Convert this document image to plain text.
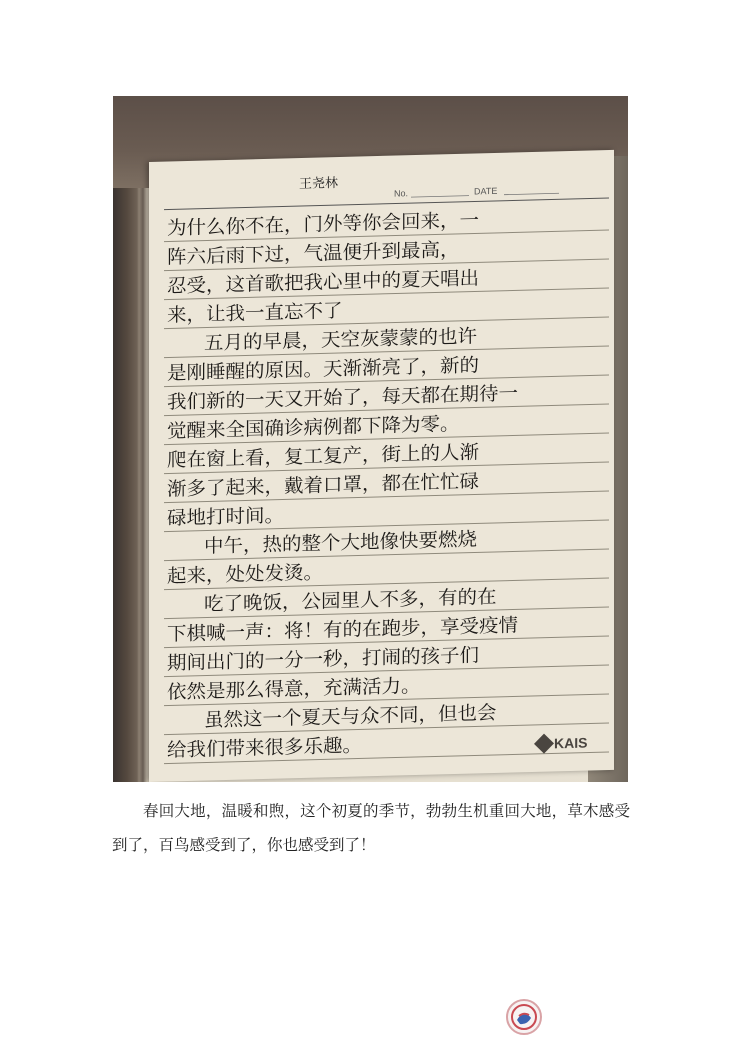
王尧林
No.	DATE
为什么你不在，门外等你会回来，一
阵六后雨下过，气温便升到最高，
忍受，这首歌把我心里中的夏天唱出
来，让我一直忘不了
五月的早晨，天空灰蒙蒙的也许
是刚睡醒的原因。天渐渐亮了，新的
我们新的一天又开始了，每天都在期待一
觉醒来全国确诊病例都下降为零。
爬在窗上看，复工复产，街上的人渐
渐多了起来，戴着口罩，都在忙忙碌
碌地打时间。
中午，热的整个大地像快要燃烧
起来，处处发烫。
吃了晚饭，公园里人不多，有的在
下棋喊一声：将！有的在跑步，享受疫情
期间出门的一分一秒，打闹的孩子们
依然是那么得意，充满活力。
虽然这一个夏天与众不同，但也会
给我们带来很多乐趣。	KAIS
春回大地，温暖和煦，这个初夏的季节，勃勃生机重回大地，草木感受到了，百鸟感受到了，你也感受到了！
